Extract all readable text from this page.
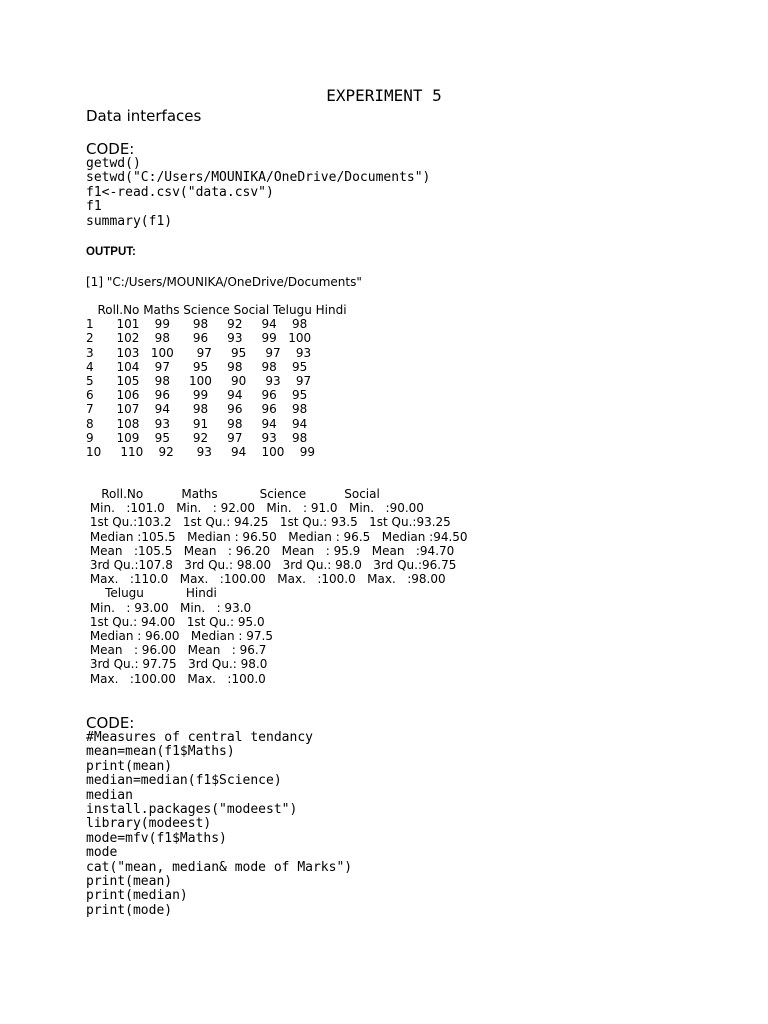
EXPERIMENT 5
Data interfaces
CODE:
getwd()
setwd("C:/Users/MOUNIKA/OneDrive/Documents")
f1<-read.csv("data.csv")
f1
summary(f1)
OUTPUT:
[1] "C:/Users/MOUNIKA/OneDrive/Documents"
Roll.No Maths Science Social Telugu Hindi
1      101    99      98     92     94    98
2      102    98      96     93     99   100
3      103   100      97     95     97    93
4      104    97      95     98     98    95
5      105    98     100     90     93    97
6      106    96      99     94     96    95
7      107    94      98     96     96    98
8      108    93      91     98     94    94
9      109    95      92     97     93    98
10     110    92      93     94    100    99
Roll.No          Maths           Science          Social
Min.   :101.0   Min.   : 92.00   Min.   : 91.0   Min.   :90.00
1st Qu.:103.2   1st Qu.: 94.25   1st Qu.: 93.5   1st Qu.:93.25
Median :105.5   Median : 96.50   Median : 96.5   Median :94.50
Mean   :105.5   Mean   : 96.20   Mean   : 95.9   Mean   :94.70
3rd Qu.:107.8   3rd Qu.: 98.00   3rd Qu.: 98.0   3rd Qu.:96.75
Max.   :110.0   Max.   :100.00   Max.   :100.0   Max.   :98.00
Telugu           Hindi
Min.   : 93.00   Min.   : 93.0
1st Qu.: 94.00   1st Qu.: 95.0
Median : 96.00   Median : 97.5
Mean   : 96.00   Mean   : 96.7
3rd Qu.: 97.75   3rd Qu.: 98.0
Max.   :100.00   Max.   :100.0
CODE:
#Measures of central tendancy
mean=mean(f1$Maths)
print(mean)
median=median(f1$Science)
median
install.packages("modeest")
library(modeest)
mode=mfv(f1$Maths)
mode
cat("mean, median& mode of Marks")
print(mean)
print(median)
print(mode)
